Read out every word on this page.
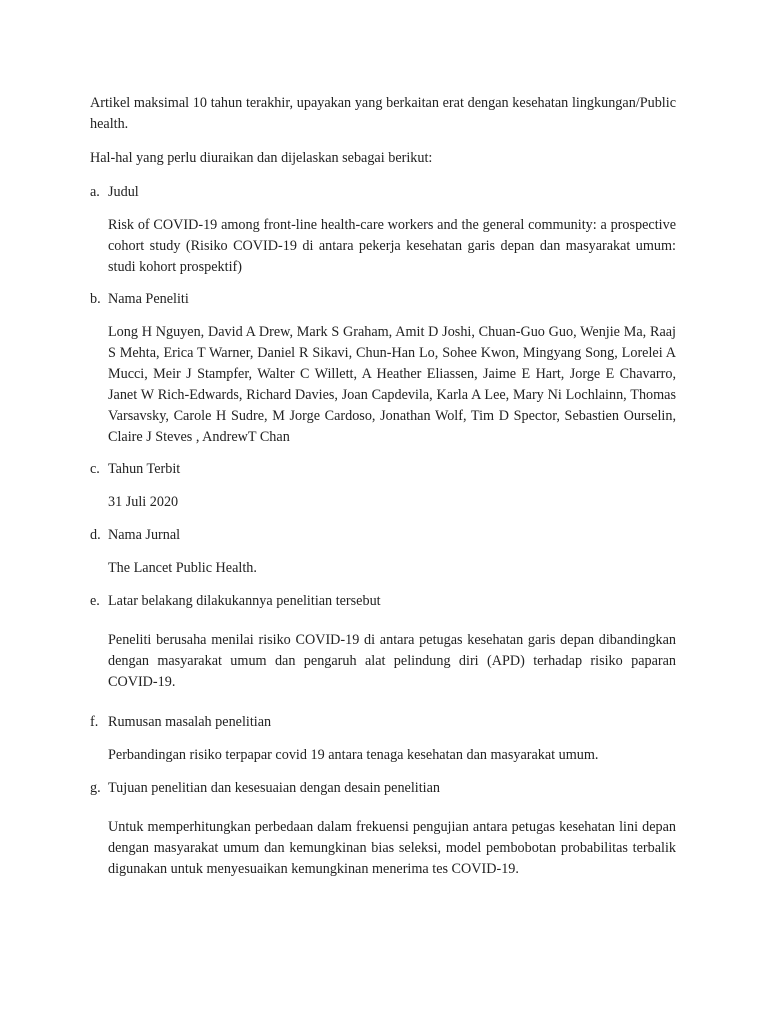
Artikel maksimal 10 tahun terakhir, upayakan yang berkaitan erat dengan kesehatan lingkungan/Public health.

Hal-hal yang perlu diuraikan dan dijelaskan sebagai berikut:

a. Judul

Risk of COVID-19 among front-line health-care workers and the general community: a prospective cohort study (Risiko COVID-19 di antara pekerja kesehatan garis depan dan masyarakat umum: studi kohort prospektif)

b. Nama Peneliti

Long H Nguyen, David A Drew, Mark S Graham, Amit D Joshi, Chuan-Guo Guo, Wenjie Ma, Raaj S Mehta, Erica T Warner, Daniel R Sikavi, Chun-Han Lo, Sohee Kwon, Mingyang Song, Lorelei A Mucci, Meir J Stampfer, Walter C Willett, A Heather Eliassen, Jaime E Hart, Jorge E Chavarro, Janet W Rich-Edwards, Richard Davies, Joan Capdevila, Karla A Lee, Mary Ni Lochlainn, Thomas Varsavsky, Carole H Sudre, M Jorge Cardoso, Jonathan Wolf, Tim D Spector, Sebastien Ourselin, Claire J Steves , AndrewT Chan

c. Tahun Terbit

31 Juli 2020

d. Nama Jurnal

The Lancet Public Health.

e. Latar belakang dilakukannya penelitian tersebut

Peneliti berusaha menilai risiko COVID-19 di antara petugas kesehatan garis depan dibandingkan dengan masyarakat umum dan pengaruh alat pelindung diri (APD) terhadap risiko paparan COVID-19.

f. Rumusan masalah penelitian

Perbandingan risiko terpapar covid 19 antara tenaga kesehatan dan masyarakat umum.

g. Tujuan penelitian dan kesesuaian dengan desain penelitian

Untuk memperhitungkan perbedaan dalam frekuensi pengujian antara petugas kesehatan lini depan dengan masyarakat umum dan kemungkinan bias seleksi, model pembobotan probabilitas terbalik digunakan untuk menyesuaikan kemungkinan menerima tes COVID-19.
